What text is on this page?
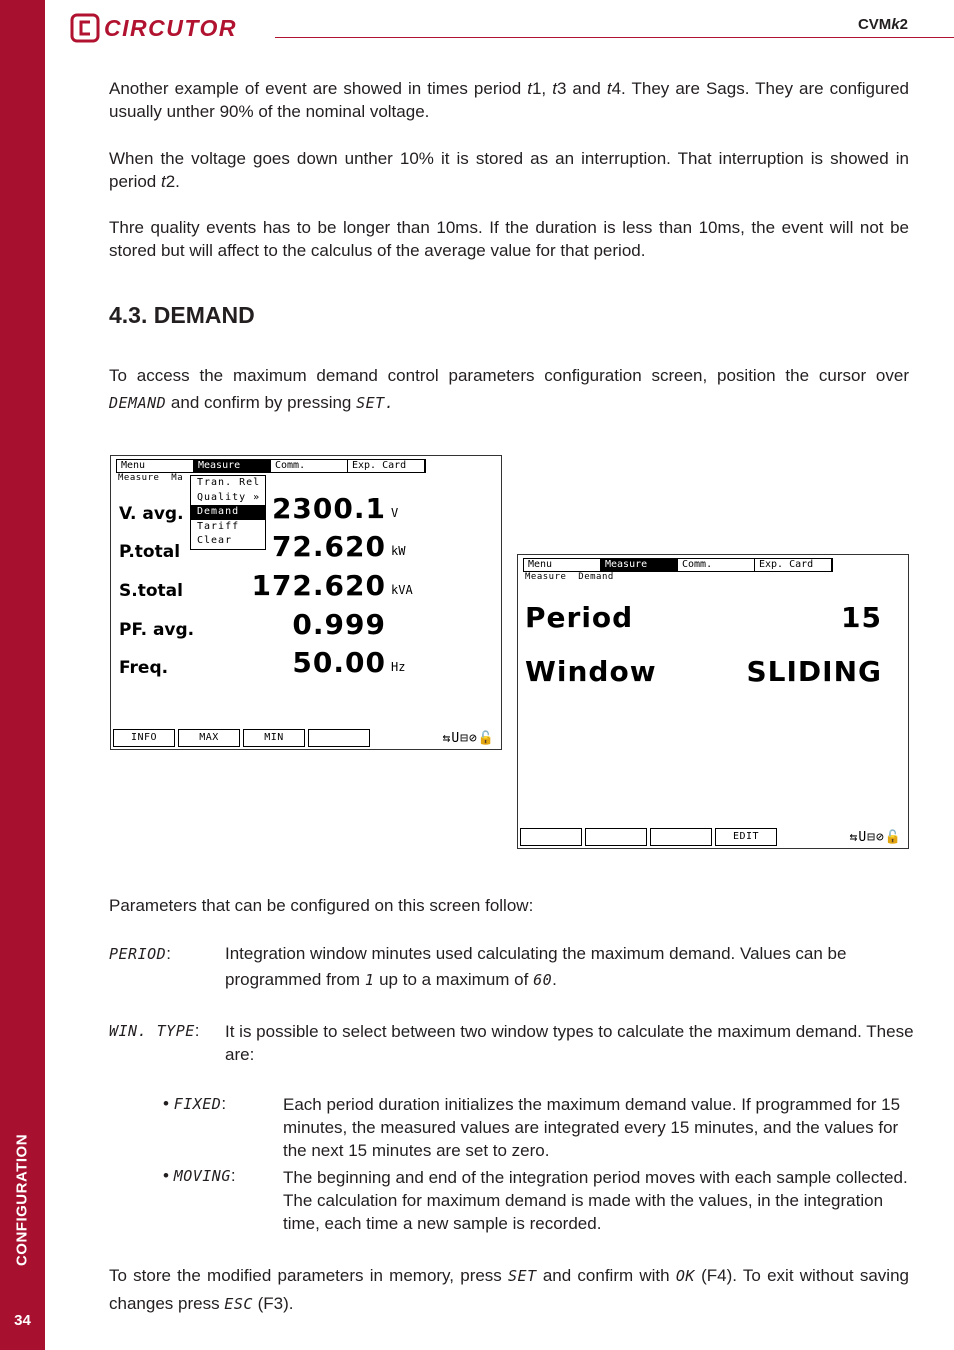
CONFIGURATION
34
CIRCUTOR	CVMk2

Another example of event are showed in times period t1, t3 and t4. They are Sags. They are configured usually unther 90% of the nominal voltage.

When the voltage goes down unther 10% it is stored as an interruption. That interruption is showed in period t2.

Thre quality events has to be longer than 10ms. If the duration is less than 10ms, the event will not be stored but will affect to the calculus of the average value for that period.

4.3. DEMAND

To access the maximum demand control parameters configuration screen, position the cursor over DEMAND and confirm by pressing SET.

Menu	Measure	Comm.	Exp. Card
Measure Ma
V. avg.	2300.1 V
P.total	72.620 kW
S.total 172.620 kVA
PF. avg.	0.999
Freq.	50.00 Hz
Tran. Rel
Quality »
Demand
Tariff
Clear
INFO	MAX	MIN	⇆U⊟⊘🔓
Menu	Measure	Comm.	Exp. Card
Measure Demand
Period	15
Window	SLIDING
EDIT	⇆U⊟⊘🔓

Parameters that can be configured on this screen follow:

PERIOD:	Integration window minutes used calculating the maximum demand. Values can be programmed from 1 up to a maximum of 60.

WIN. TYPE: It is possible to select between two window types to calculate the maximum demand. These are:

• FIXED:	Each period duration initializes the maximum demand value. If programmed for 15 minutes, the measured values are integrated every 15 minutes, and the values for the next 15 minutes are set to zero.

• MOVING:	The beginning and end of the integration period moves with each sample collected. The calculation for maximum demand is made with the values, in the integration time, each time a new sample is recorded.

To store the modified parameters in memory, press SET and confirm with OK (F4). To exit without saving changes press ESC (F3).
